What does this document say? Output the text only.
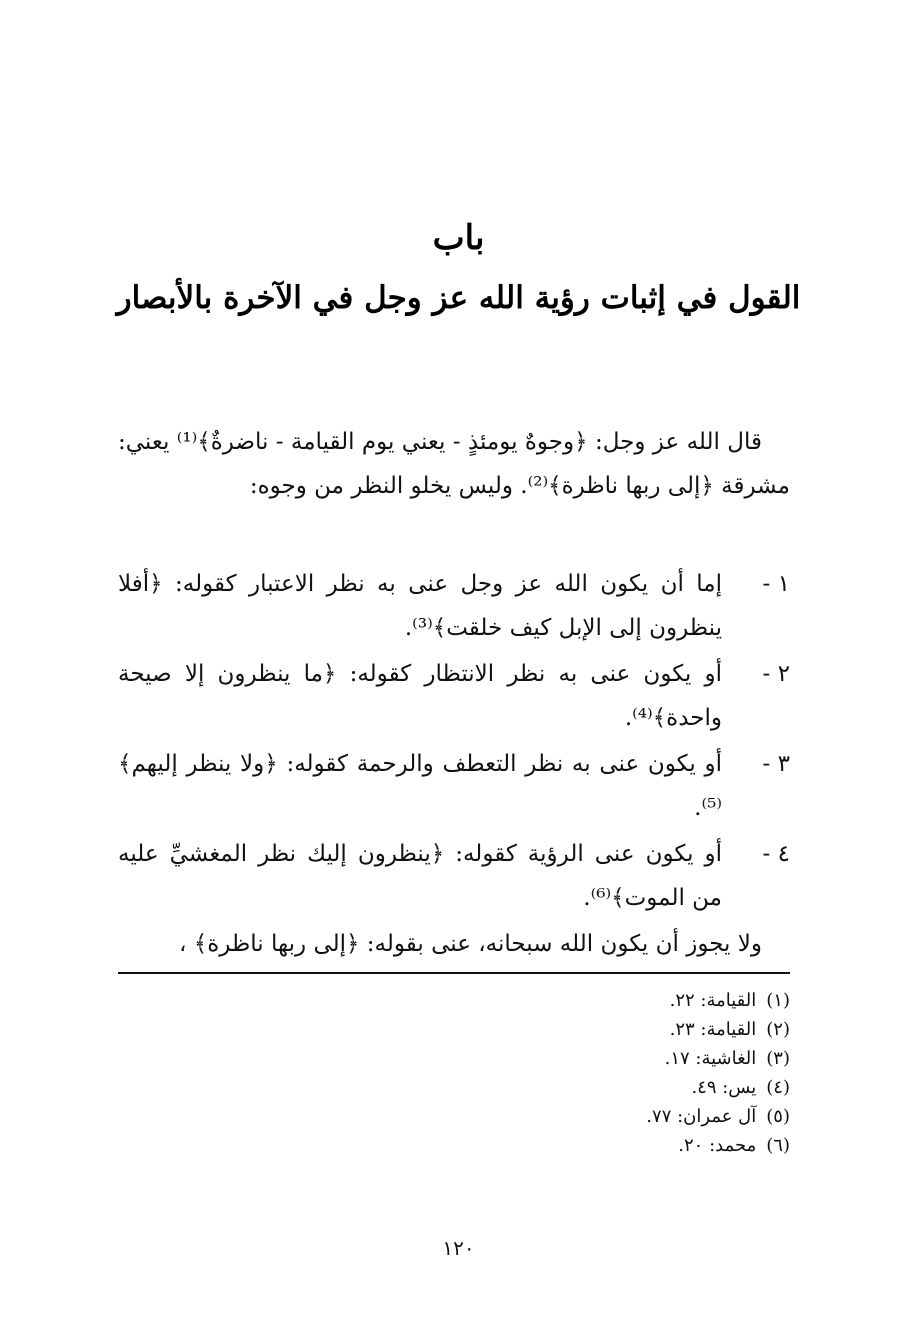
باب
القول في إثبات رؤية الله عز وجل في الآخرة بالأبصار
قال الله عز وجل: ﴿وجوهٌ يومئذٍ - يعني يوم القيامة - ناضرةٌ﴾⁽¹⁾ يعني: مشرقة ﴿إلى ربها ناظرة﴾⁽²⁾. وليس يخلو النظر من وجوه:
١ -
إما أن يكون الله عز وجل عنى به نظر الاعتبار كقوله: ﴿أفلا ينظرون إلى الإبل كيف خلقت﴾⁽³⁾.
٢ -
أو يكون عنى به نظر الانتظار كقوله: ﴿ما ينظرون إلا صيحة واحدة﴾⁽⁴⁾.
٣ -
أو يكون عنى به نظر التعطف والرحمة كقوله: ﴿ولا ينظر إليهم﴾⁽⁵⁾.
٤ -
أو يكون عنى الرؤية كقوله: ﴿ينظرون إليك نظر المغشيِّ عليه من الموت﴾⁽⁶⁾.
ولا يجوز أن يكون الله سبحانه، عنى بقوله: ﴿إلى ربها ناظرة﴾ ،
(١)القيامة: ٢٢.
(٢)القيامة: ٢٣.
(٣)الغاشية: ١٧.
(٤)يس: ٤٩.
(٥)آل عمران: ٧٧.
(٦)محمد: ٢٠.
١٢٠
